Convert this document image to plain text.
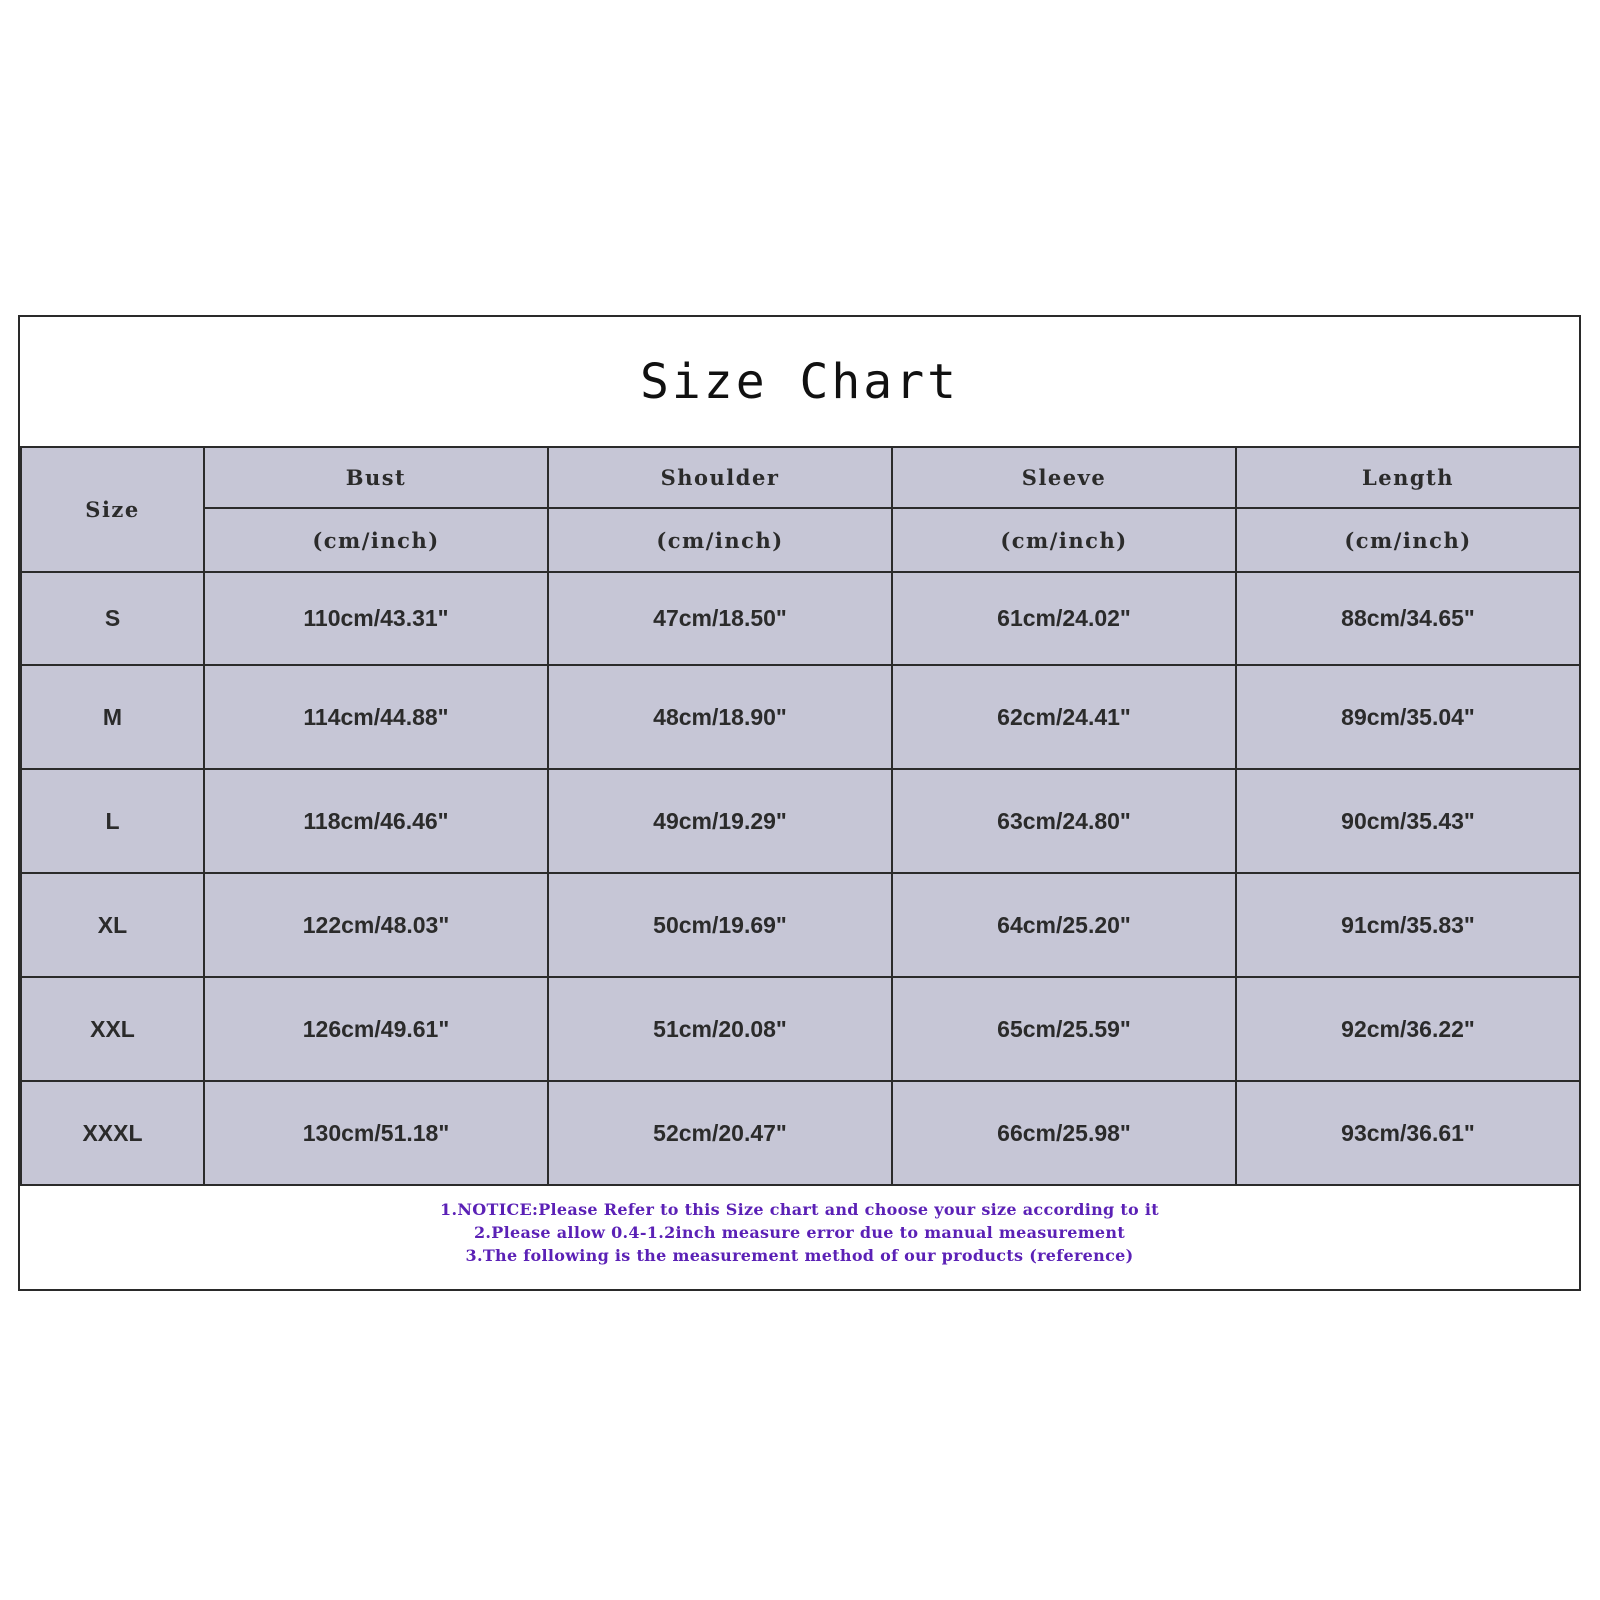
Size Chart
Size	Bust	Shoulder	Sleeve	Length
	(cm/inch)	(cm/inch)	(cm/inch)	(cm/inch)
S	110cm/43.31"	47cm/18.50"	61cm/24.02"	88cm/34.65"
M	114cm/44.88"	48cm/18.90"	62cm/24.41"	89cm/35.04"
L	118cm/46.46"	49cm/19.29"	63cm/24.80"	90cm/35.43"
XL	122cm/48.03"	50cm/19.69"	64cm/25.20"	91cm/35.83"
XXL	126cm/49.61"	51cm/20.08"	65cm/25.59"	92cm/36.22"
XXXL	130cm/51.18"	52cm/20.47"	66cm/25.98"	93cm/36.61"
1.NOTICE:Please Refer to this Size chart and choose your size according to it
2.Please allow 0.4-1.2inch measure error due to manual measurement
3.The following is the measurement method of our products (reference)
